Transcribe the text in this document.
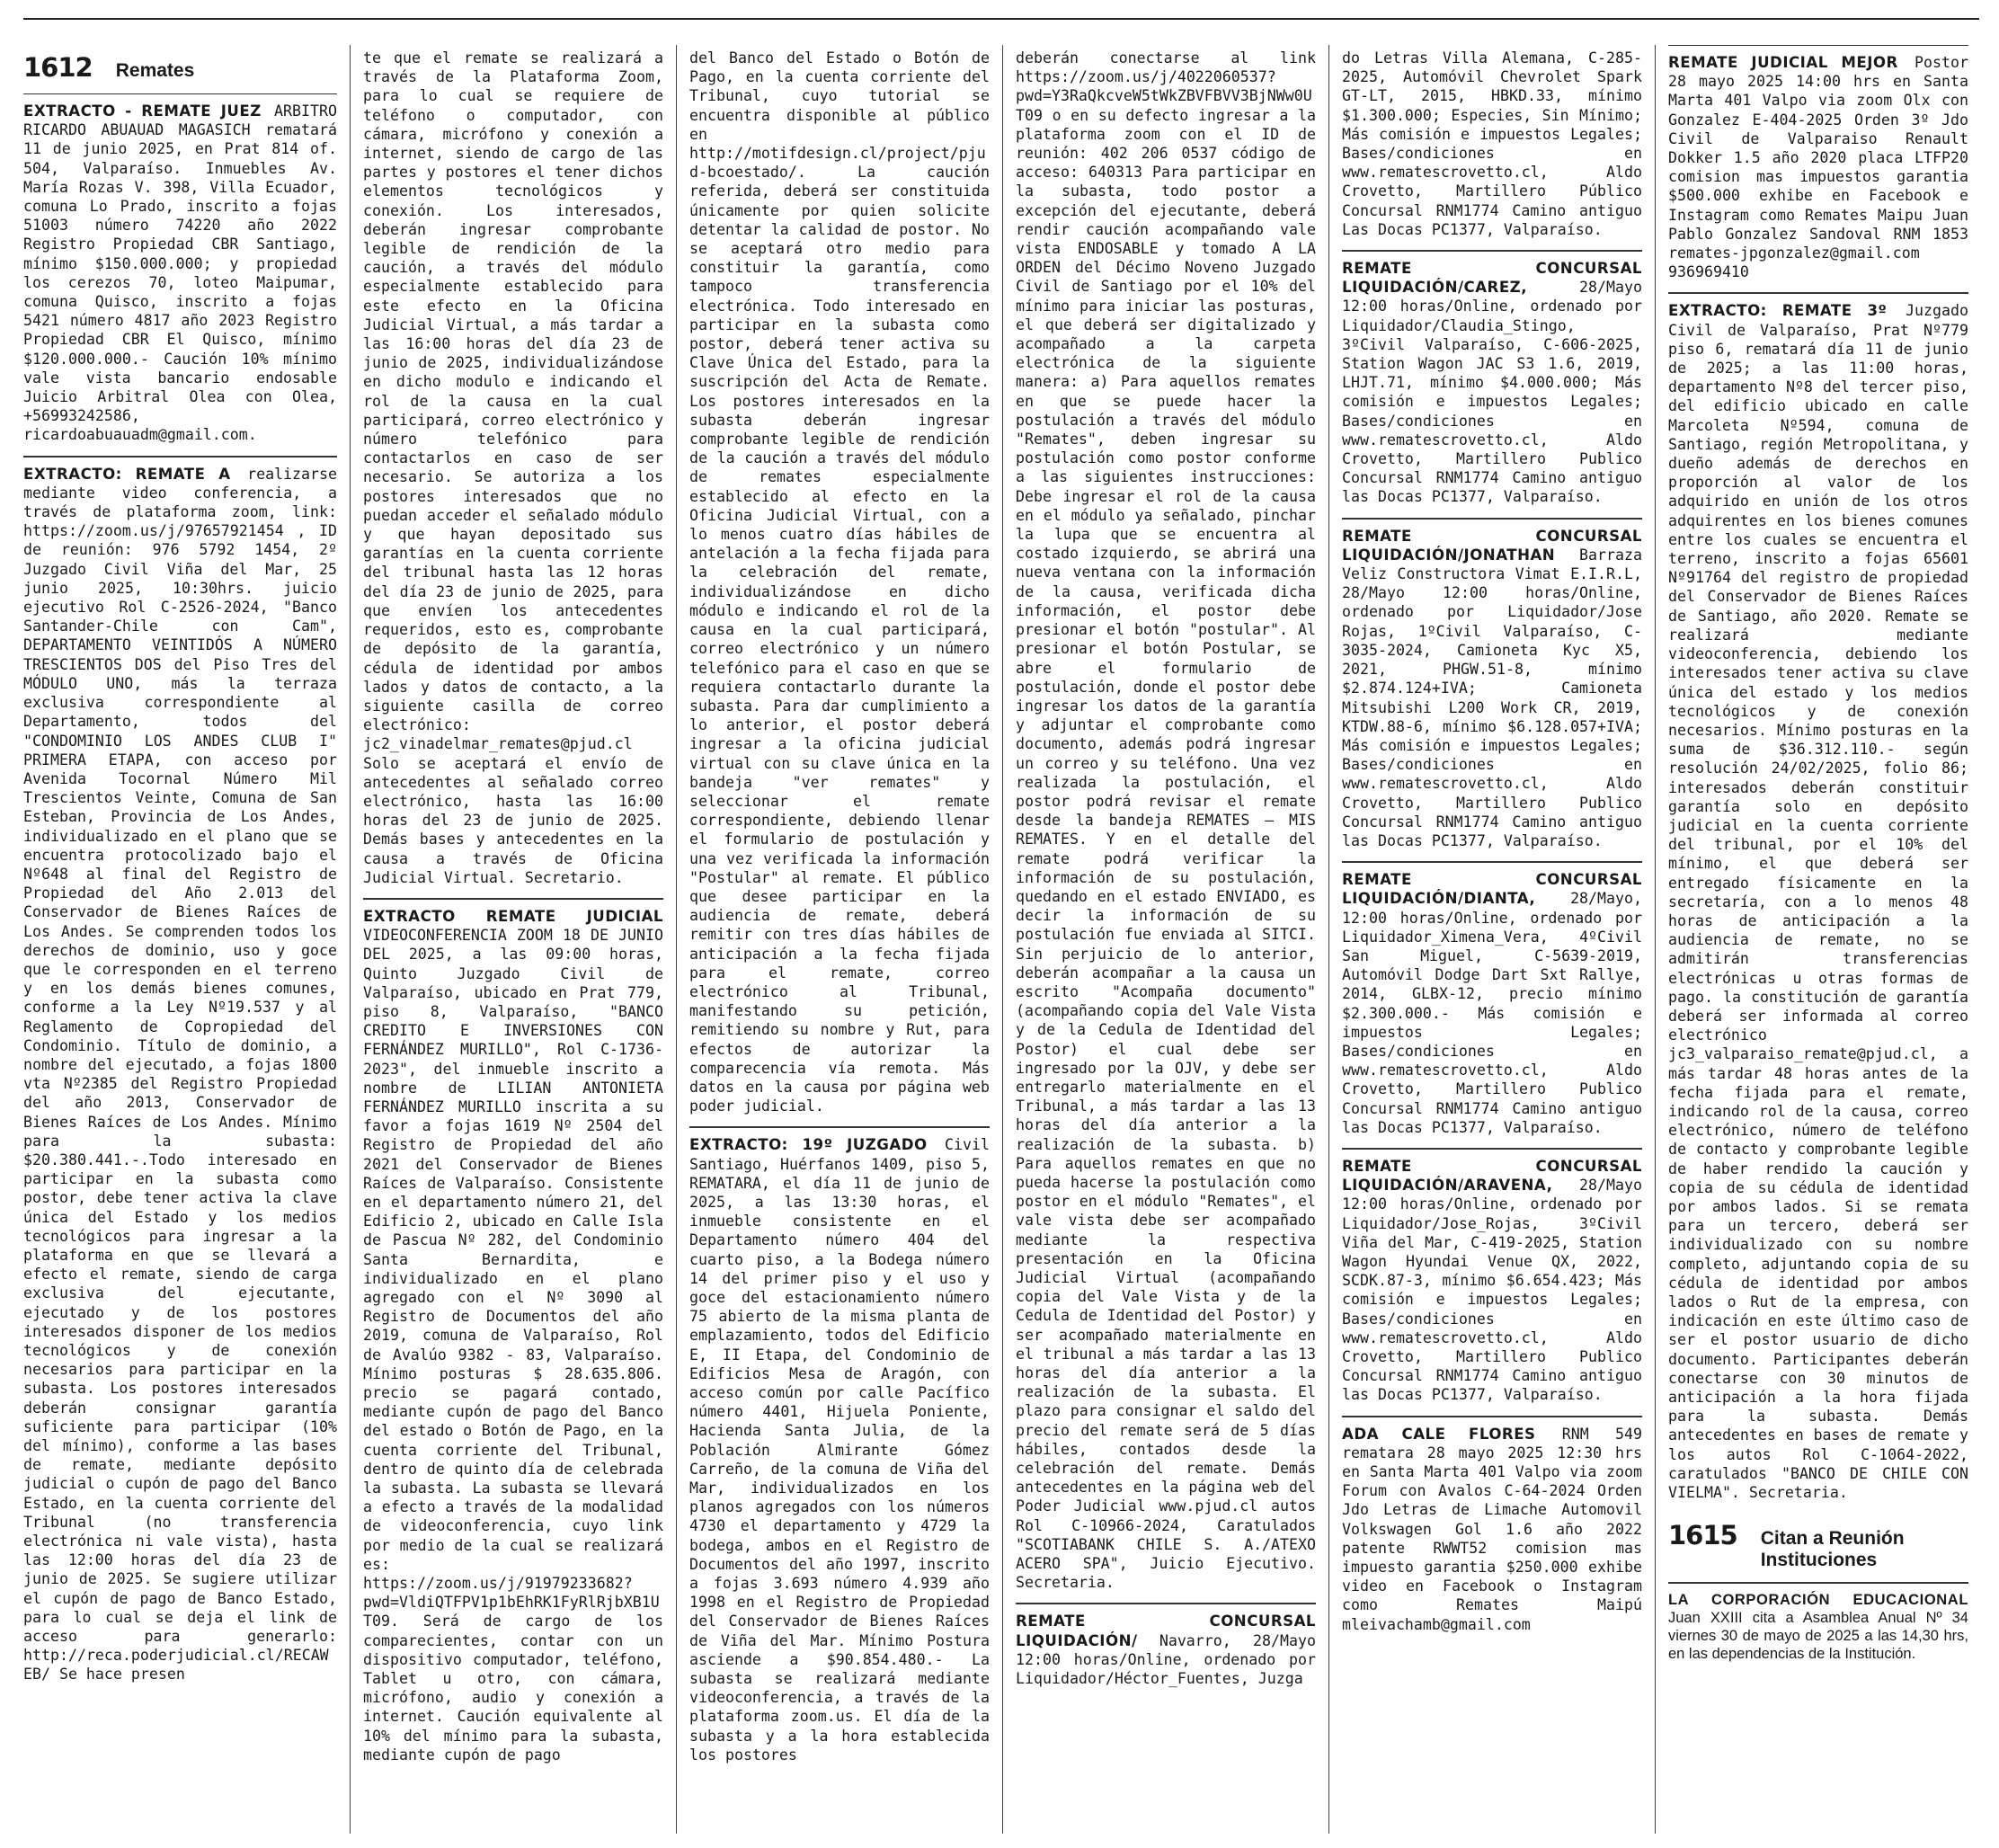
1612 Remates
EXTRACTO - REMATE JUEZ ARBITRO RICARDO ABUAUAD MAGASICH rematará 11 de junio 2025, en Prat 814 of. 504, Valparaíso. Inmuebles Av. María Rozas V. 398, Villa Ecuador, comuna Lo Prado, inscrito a fojas 51003 número 74220 año 2022 Registro Propiedad CBR Santiago, mínimo $150.000.000; y propiedad los cerezos 70, loteo Maipumar, comuna Quisco, inscrito a fojas 5421 número 4817 año 2023 Registro Propiedad CBR El Quisco, mínimo $120.000.000.- Caución 10% mínimo vale vista bancario endosable Juicio Arbitral Olea con Olea, +56993242586, ricardoabuauadm@gmail.com.
EXTRACTO: REMATE A realizarse mediante video conferencia, a través de plataforma zoom, link: https://zoom.us/j/97657921454 , ID de reunión: 976 5792 1454, 2º Juzgado Civil Viña del Mar, 25 junio 2025, 10:30hrs. juicio ejecutivo Rol C-2526-2024, "Banco Santander-Chile con Cam", DEPARTAMENTO VEINTIDÓS A NÚMERO TRESCIENTOS DOS del Piso Tres del MÓDULO UNO, más la terraza exclusiva correspondiente al Departamento, todos del "CONDOMINIO LOS ANDES CLUB I" PRIMERA ETAPA, con acceso por Avenida Tocornal Número Mil Trescientos Veinte, Comuna de San Esteban, Provincia de Los Andes, individualizado en el plano que se encuentra protocolizado bajo el Nº648 al final del Registro de Propiedad del Año 2.013 del Conservador de Bienes Raíces de Los Andes. Se comprenden todos los derechos de dominio, uso y goce que le corresponden en el terreno y en los demás bienes comunes, conforme a la Ley Nº19.537 y al Reglamento de Copropiedad del Condominio. Título de dominio, a nombre del ejecutado, a fojas 1800 vta Nº2385 del Registro Propiedad del año 2013, Conservador de Bienes Raíces de Los Andes. Mínimo para la subasta: $20.380.441.-.Todo interesado en participar en la subasta como postor, debe tener activa la clave única del Estado y los medios tecnológicos para ingresar a la plataforma en que se llevará a efecto el remate, siendo de carga exclusiva del ejecutante, ejecutado y de los postores interesados disponer de los medios tecnológicos y de conexión necesarios para participar en la subasta. Los postores interesados deberán consignar garantía suficiente para participar (10% del mínimo), conforme a las bases de remate, mediante depósito judicial o cupón de pago del Banco Estado, en la cuenta corriente del Tribunal (no transferencia electrónica ni vale vista), hasta las 12:00 horas del día 23 de junio de 2025. Se sugiere utilizar el cupón de pago de Banco Estado, para lo cual se deja el link de acceso para generarlo: http://reca.poderjudicial.cl/RECAWEB/ Se hace presen
te que el remate se realizará a través de la Plataforma Zoom, para lo cual se requiere de teléfono o computador, con cámara, micrófono y conexión a internet, siendo de cargo de las partes y postores el tener dichos elementos tecnológicos y conexión. Los interesados, deberán ingresar comprobante legible de rendición de la caución, a través del módulo especialmente establecido para este efecto en la Oficina Judicial Virtual, a más tardar a las 16:00 horas del día 23 de junio de 2025, individualizándose en dicho modulo e indicando el rol de la causa en la cual participará, correo electrónico y número telefónico para contactarlos en caso de ser necesario. Se autoriza a los postores interesados que no puedan acceder el señalado módulo y que hayan depositado sus garantías en la cuenta corriente del tribunal hasta las 12 horas del día 23 de junio de 2025, para que envíen los antecedentes requeridos, esto es, comprobante de depósito de la garantía, cédula de identidad por ambos lados y datos de contacto, a la siguiente casilla de correo electrónico: jc2_vinadelmar_remates@pjud.cl Solo se aceptará el envío de antecedentes al señalado correo electrónico, hasta las 16:00 horas del 23 de junio de 2025. Demás bases y antecedentes en la causa a través de Oficina Judicial Virtual. Secretario.
EXTRACTO REMATE JUDICIAL VIDEOCONFERENCIA ZOOM 18 DE JUNIO DEL 2025, a las 09:00 horas, Quinto Juzgado Civil de Valparaíso, ubicado en Prat 779, piso 8, Valparaíso, "BANCO CREDITO E INVERSIONES CON FERNÁNDEZ MURILLO", Rol C-1736-2023", del inmueble inscrito a nombre de LILIAN ANTONIETA FERNÁNDEZ MURILLO inscrita a su favor a fojas 1619 Nº 2504 del Registro de Propiedad del año 2021 del Conservador de Bienes Raíces de Valparaíso. Consistente en el departamento número 21, del Edificio 2, ubicado en Calle Isla de Pascua Nº 282, del Condominio Santa Bernardita, e individualizado en el plano agregado con el Nº 3090 al Registro de Documentos del año 2019, comuna de Valparaíso, Rol de Avalúo 9382 - 83, Valparaíso. Mínimo posturas $ 28.635.806. precio se pagará contado, mediante cupón de pago del Banco del estado o Botón de Pago, en la cuenta corriente del Tribunal, dentro de quinto día de celebrada la subasta. La subasta se llevará a efecto a través de la modalidad de videoconferencia, cuyo link por medio de la cual se realizará es: https://zoom.us/j/91979233682? pwd=VldiQTFPV1p1bEhRK1FyRlRjbXB1UT09. Será de cargo de los comparecientes, contar con un dispositivo computador, teléfono, Tablet u otro, con cámara, micrófono, audio y conexión a internet. Caución equivalente al 10% del mínimo para la subasta, mediante cupón de pago
del Banco del Estado o Botón de Pago, en la cuenta corriente del Tribunal, cuyo tutorial se encuentra disponible al público en http://motifdesign.cl/project/pjud-bcoestado/. La caución referida, deberá ser constituida únicamente por quien solicite detentar la calidad de postor. No se aceptará otro medio para constituir la garantía, como tampoco transferencia electrónica. Todo interesado en participar en la subasta como postor, deberá tener activa su Clave Única del Estado, para la suscripción del Acta de Remate. Los postores interesados en la subasta deberán ingresar comprobante legible de rendición de la caución a través del módulo de remates especialmente establecido al efecto en la Oficina Judicial Virtual, con a lo menos cuatro días hábiles de antelación a la fecha fijada para la celebración del remate, individualizándose en dicho módulo e indicando el rol de la causa en la cual participará, correo electrónico y un número telefónico para el caso en que se requiera contactarlo durante la subasta. Para dar cumplimiento a lo anterior, el postor deberá ingresar a la oficina judicial virtual con su clave única en la bandeja "ver remates" y seleccionar el remate correspondiente, debiendo llenar el formulario de postulación y una vez verificada la información "Postular" al remate. El público que desee participar en la audiencia de remate, deberá remitir con tres días hábiles de anticipación a la fecha fijada para el remate, correo electrónico al Tribunal, manifestando su petición, remitiendo su nombre y Rut, para efectos de autorizar la comparecencia vía remota. Más datos en la causa por página web poder judicial.
EXTRACTO: 19º JUZGADO Civil Santiago, Huérfanos 1409, piso 5, REMATARA, el día 11 de junio de 2025, a las 13:30 horas, el inmueble consistente en el Departamento número 404 del cuarto piso, a la Bodega número 14 del primer piso y el uso y goce del estacionamiento número 75 abierto de la misma planta de emplazamiento, todos del Edificio E, II Etapa, del Condominio de Edificios Mesa de Aragón, con acceso común por calle Pacífico número 4401, Hijuela Poniente, Hacienda Santa Julia, de la Población Almirante Gómez Carreño, de la comuna de Viña del Mar, individualizados en los planos agregados con los números 4730 el departamento y 4729 la bodega, ambos en el Registro de Documentos del año 1997, inscrito a fojas 3.693 número 4.939 año 1998 en el Registro de Propiedad del Conservador de Bienes Raíces de Viña del Mar. Mínimo Postura asciende a $90.854.480.- La subasta se realizará mediante videoconferencia, a través de la plataforma zoom.us. El día de la subasta y a la hora establecida los postores
deberán conectarse al link https://zoom.us/j/4022060537? pwd=Y3RaQkcveW5tWkZBVFBVV3BjNWw0UT09 o en su defecto ingresar a la plataforma zoom con el ID de reunión: 402 206 0537 código de acceso: 640313 Para participar en la subasta, todo postor a excepción del ejecutante, deberá rendir caución acompañando vale vista ENDOSABLE y tomado A LA ORDEN del Décimo Noveno Juzgado Civil de Santiago por el 10% del mínimo para iniciar las posturas, el que deberá ser digitalizado y acompañado a la carpeta electrónica de la siguiente manera: a) Para aquellos remates en que se puede hacer la postulación a través del módulo "Remates", deben ingresar su postulación como postor conforme a las siguientes instrucciones: Debe ingresar el rol de la causa en el módulo ya señalado, pinchar la lupa que se encuentra al costado izquierdo, se abrirá una nueva ventana con la información de la causa, verificada dicha información, el postor debe presionar el botón "postular". Al presionar el botón Postular, se abre el formulario de postulación, donde el postor debe ingresar los datos de la garantía y adjuntar el comprobante como documento, además podrá ingresar un correo y su teléfono. Una vez realizada la postulación, el postor podrá revisar el remate desde la bandeja REMATES – MIS REMATES. Y en el detalle del remate podrá verificar la información de su postulación, quedando en el estado ENVIADO, es decir la información de su postulación fue enviada al SITCI. Sin perjuicio de lo anterior, deberán acompañar a la causa un escrito "Acompaña documento" (acompañando copia del Vale Vista y de la Cedula de Identidad del Postor) el cual debe ser ingresado por la OJV, y debe ser entregarlo materialmente en el Tribunal, a más tardar a las 13 horas del día anterior a la realización de la subasta. b) Para aquellos remates en que no pueda hacerse la postulación como postor en el módulo "Remates", el vale vista debe ser acompañado mediante la respectiva presentación en la Oficina Judicial Virtual (acompañando copia del Vale Vista y de la Cedula de Identidad del Postor) y ser acompañado materialmente en el tribunal a más tardar a las 13 horas del día anterior a la realización de la subasta. El plazo para consignar el saldo del precio del remate será de 5 días hábiles, contados desde la celebración del remate. Demás antecedentes en la página web del Poder Judicial www.pjud.cl autos Rol C-10966-2024, Caratulados "SCOTIABANK CHILE S. A./ATEXO ACERO SPA", Juicio Ejecutivo. Secretaria.
REMATE CONCURSAL LIQUIDACIÓN/ Navarro, 28/Mayo 12:00 horas/Online, ordenado por Liquidador/Héctor_Fuentes, Juzga
do Letras Villa Alemana, C-285-2025, Automóvil Chevrolet Spark GT-LT, 2015, HBKD.33, mínimo $1.300.000; Especies, Sin Mínimo; Más comisión e impuestos Legales; Bases/condiciones en www.rematescrovetto.cl, Aldo Crovetto, Martillero Público Concursal RNM1774 Camino antiguo Las Docas PC1377, Valparaíso.
REMATE CONCURSAL LIQUIDACIÓN/CAREZ, 28/Mayo 12:00 horas/Online, ordenado por Liquidador/Claudia_Stingo, 3ºCivil Valparaíso, C-606-2025, Station Wagon JAC S3 1.6, 2019, LHJT.71, mínimo $4.000.000; Más comisión e impuestos Legales; Bases/condiciones en www.rematescrovetto.cl, Aldo Crovetto, Martillero Publico Concursal RNM1774 Camino antiguo las Docas PC1377, Valparaíso.
REMATE CONCURSAL LIQUIDACIÓN/JONATHAN Barraza Veliz Constructora Vimat E.I.R.L, 28/Mayo 12:00 horas/Online, ordenado por Liquidador/Jose Rojas, 1ºCivil Valparaíso, C-3035-2024, Camioneta Kyc X5, 2021, PHGW.51-8, mínimo $2.874.124+IVA; Camioneta Mitsubishi L200 Work CR, 2019, KTDW.88-6, mínimo $6.128.057+IVA; Más comisión e impuestos Legales; Bases/condiciones en www.rematescrovetto.cl, Aldo Crovetto, Martillero Publico Concursal RNM1774 Camino antiguo las Docas PC1377, Valparaíso.
REMATE CONCURSAL LIQUIDACIÓN/DIANTA, 28/Mayo, 12:00 horas/Online, ordenado por Liquidador_Ximena_Vera, 4ºCivil San Miguel, C-5639-2019, Automóvil Dodge Dart Sxt Rallye, 2014, GLBX-12, precio mínimo $2.300.000.- Más comisión e impuestos Legales; Bases/condiciones en www.rematescrovetto.cl, Aldo Crovetto, Martillero Publico Concursal RNM1774 Camino antiguo las Docas PC1377, Valparaíso.
REMATE CONCURSAL LIQUIDACIÓN/ARAVENA, 28/Mayo 12:00 horas/Online, ordenado por Liquidador/Jose_Rojas, 3ºCivil Viña del Mar, C-419-2025, Station Wagon Hyundai Venue QX, 2022, SCDK.87-3, mínimo $6.654.423; Más comisión e impuestos Legales; Bases/condiciones en www.rematescrovetto.cl, Aldo Crovetto, Martillero Publico Concursal RNM1774 Camino antiguo las Docas PC1377, Valparaíso.
ADA CALE FLORES RNM 549 rematara 28 mayo 2025 12:30 hrs en Santa Marta 401 Valpo via zoom Forum con Avalos C-64-2024 Orden Jdo Letras de Limache Automovil Volkswagen Gol 1.6 año 2022 patente RWWT52 comision mas impuesto garantia $250.000 exhibe video en Facebook o Instagram como Remates Maipú mleivachamb@gmail.com
REMATE JUDICIAL MEJOR Postor 28 mayo 2025 14:00 hrs en Santa Marta 401 Valpo via zoom Olx con Gonzalez E-404-2025 Orden 3º Jdo Civil de Valparaiso Renault Dokker 1.5 año 2020 placa LTFP20 comision mas impuestos garantia $500.000 exhibe en Facebook e Instagram como Remates Maipu Juan Pablo Gonzalez Sandoval RNM 1853 remates-jpgonzalez@gmail.com 936969410
EXTRACTO: REMATE 3º Juzgado Civil de Valparaíso, Prat Nº779 piso 6, rematará día 11 de junio de 2025; a las 11:00 horas, departamento Nº8 del tercer piso, del edificio ubicado en calle Marcoleta Nº594, comuna de Santiago, región Metropolitana, y dueño además de derechos en proporción al valor de los adquirido en unión de los otros adquirentes en los bienes comunes entre los cuales se encuentra el terreno, inscrito a fojas 65601 Nº91764 del registro de propiedad del Conservador de Bienes Raíces de Santiago, año 2020. Remate se realizará mediante videoconferencia, debiendo los interesados tener activa su clave única del estado y los medios tecnológicos y de conexión necesarios. Mínimo posturas en la suma de $36.312.110.- según resolución 24/02/2025, folio 86; interesados deberán constituir garantía solo en depósito judicial en la cuenta corriente del tribunal, por el 10% del mínimo, el que deberá ser entregado físicamente en la secretaría, con a lo menos 48 horas de anticipación a la audiencia de remate, no se admitirán transferencias electrónicas u otras formas de pago. la constitución de garantía deberá ser informada al correo electrónico jc3_valparaiso_remate@pjud.cl, a más tardar 48 horas antes de la fecha fijada para el remate, indicando rol de la causa, correo electrónico, número de teléfono de contacto y comprobante legible de haber rendido la caución y copia de su cédula de identidad por ambos lados. Si se remata para un tercero, deberá ser individualizado con su nombre completo, adjuntando copia de su cédula de identidad por ambos lados o Rut de la empresa, con indicación en este último caso de ser el postor usuario de dicho documento. Participantes deberán conectarse con 30 minutos de anticipación a la hora fijada para la subasta. Demás antecedentes en bases de remate y los autos Rol C-1064-2022, caratulados "BANCO DE CHILE CON VIELMA". Secretaria.
1615 Citan a Reunión
Instituciones
LA CORPORACIÓN EDUCACIONAL Juan XXIII cita a Asamblea Anual Nº 34 viernes 30 de mayo de 2025 a las 14,30 hrs, en las dependencias de la Institución.
